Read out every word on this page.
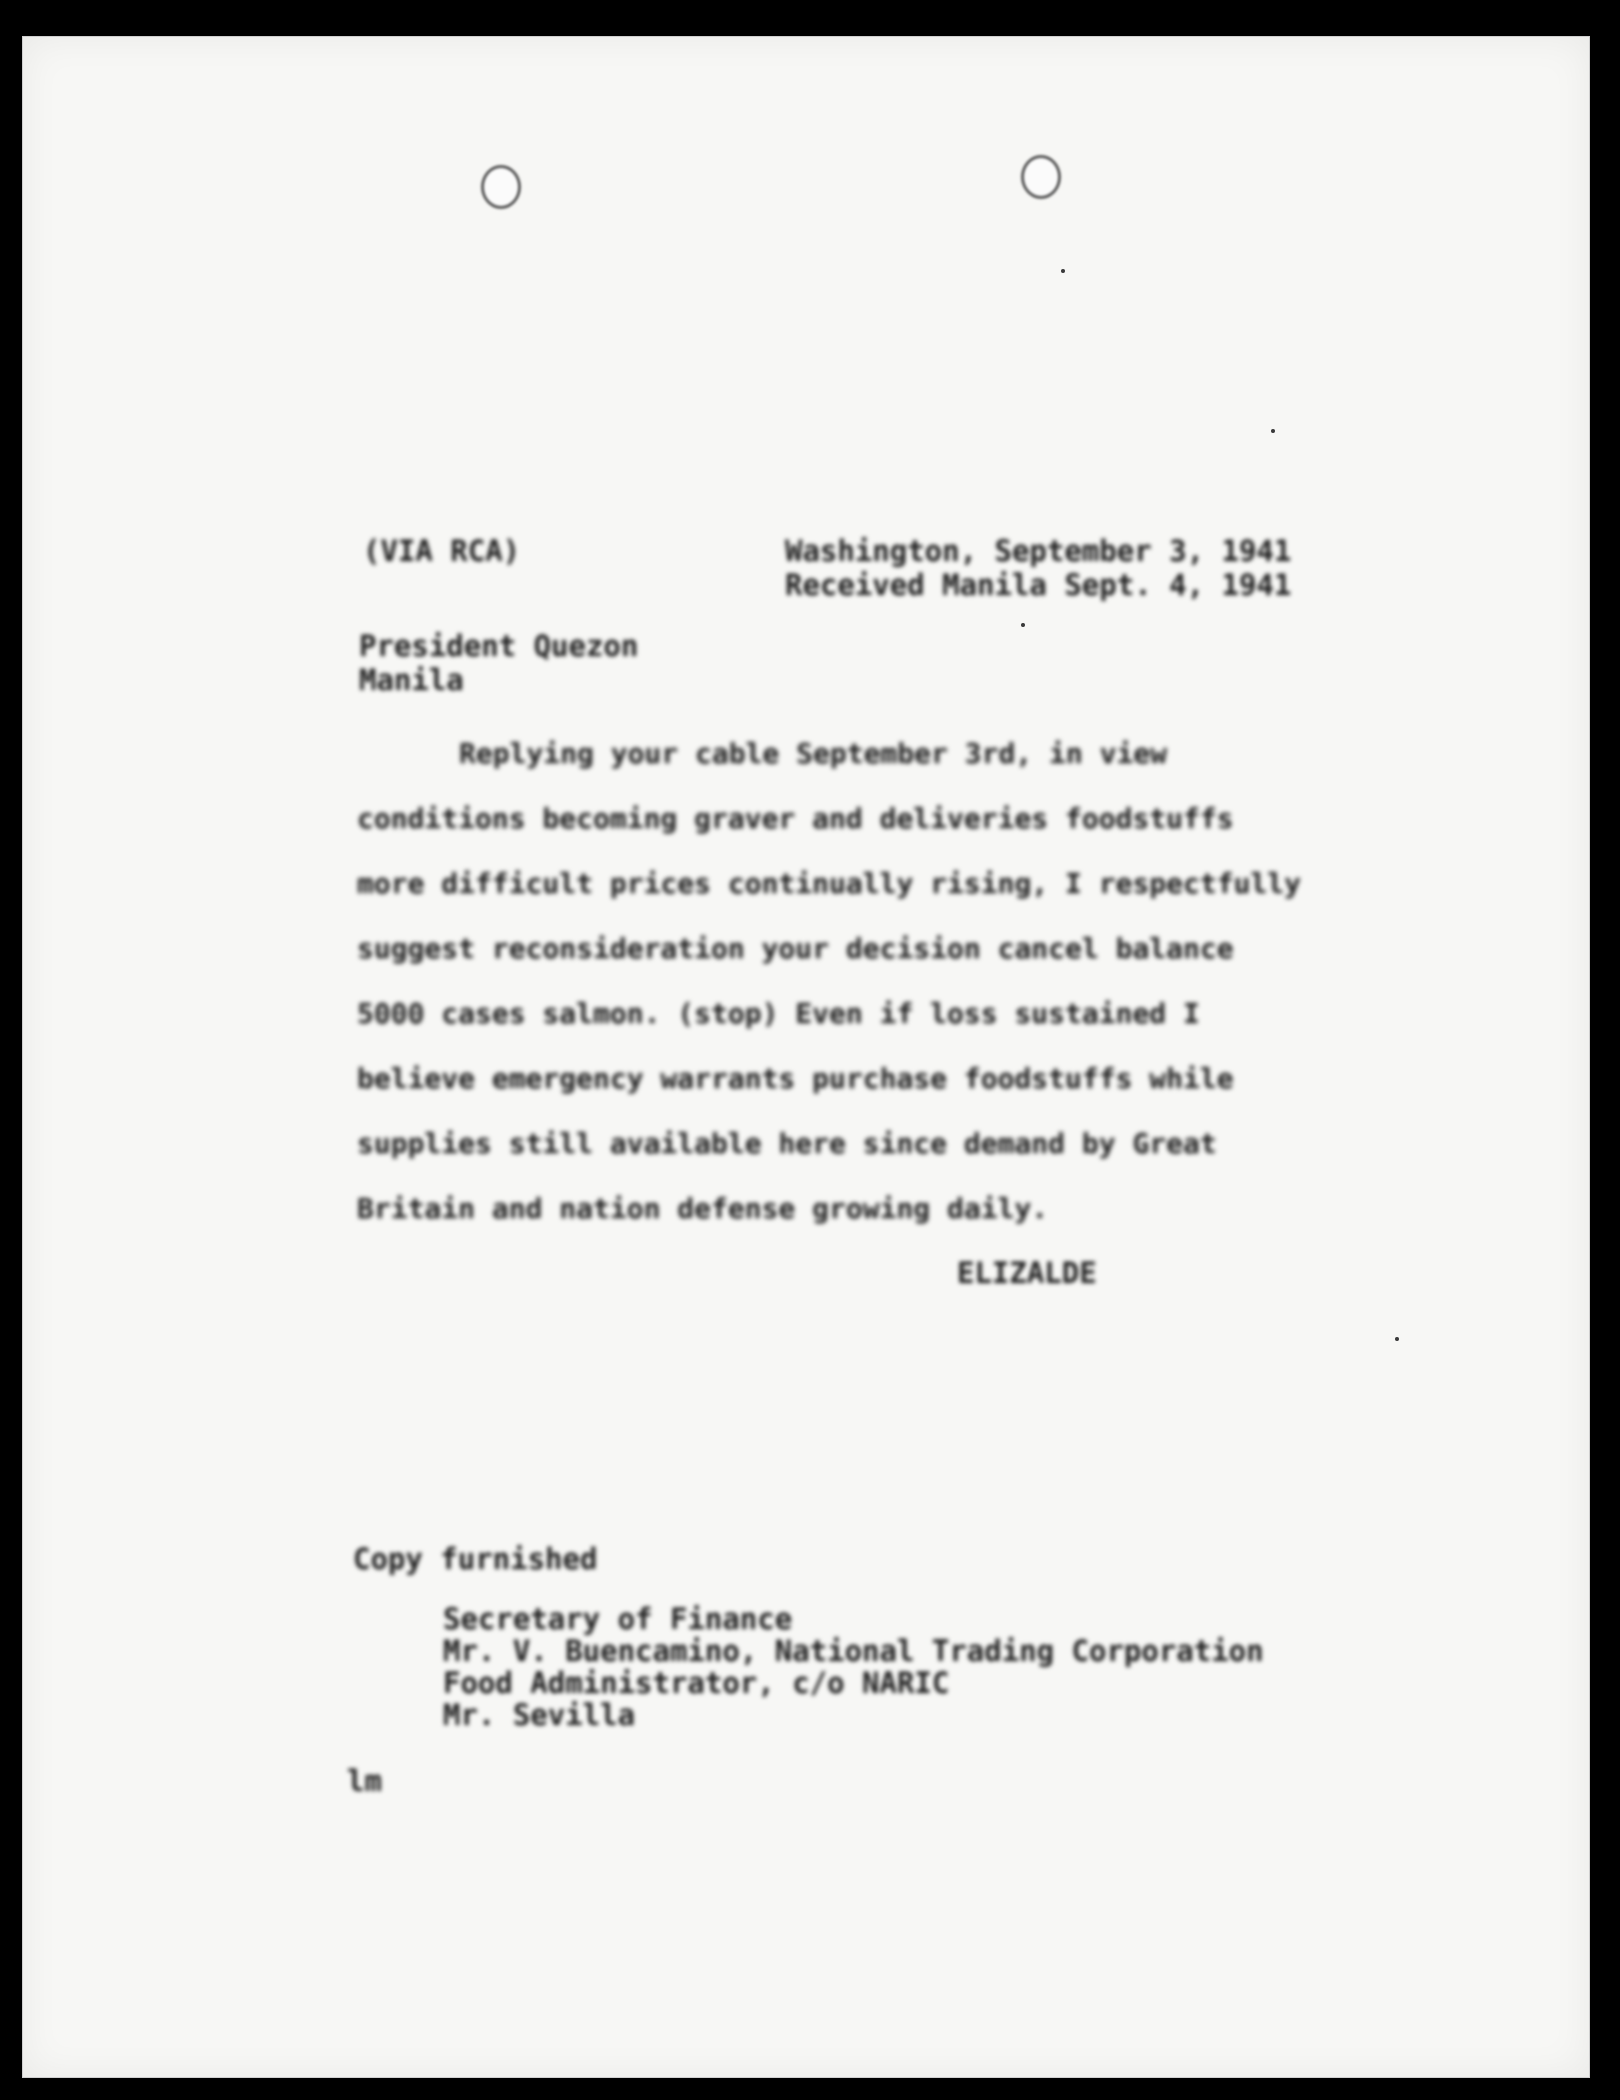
(VIA RCA)	Washington, September 3, 1941
Received Manila Sept. 4, 1941
President Quezon
Manila
Replying your cable September 3rd, in view
conditions becoming graver and deliveries foodstuffs
more difficult prices continually rising, I respectfully
suggest reconsideration your decision cancel balance
5000 cases salmon. (stop) Even if loss sustained I
believe emergency warrants purchase foodstuffs while
supplies still available here since demand by Great
Britain and nation defense growing daily.
ELIZALDE
Copy furnished
Secretary of Finance
Mr. V. Buencamino, National Trading Corporation
Food Administrator, c/o NARIC
Mr. Sevilla
lm
